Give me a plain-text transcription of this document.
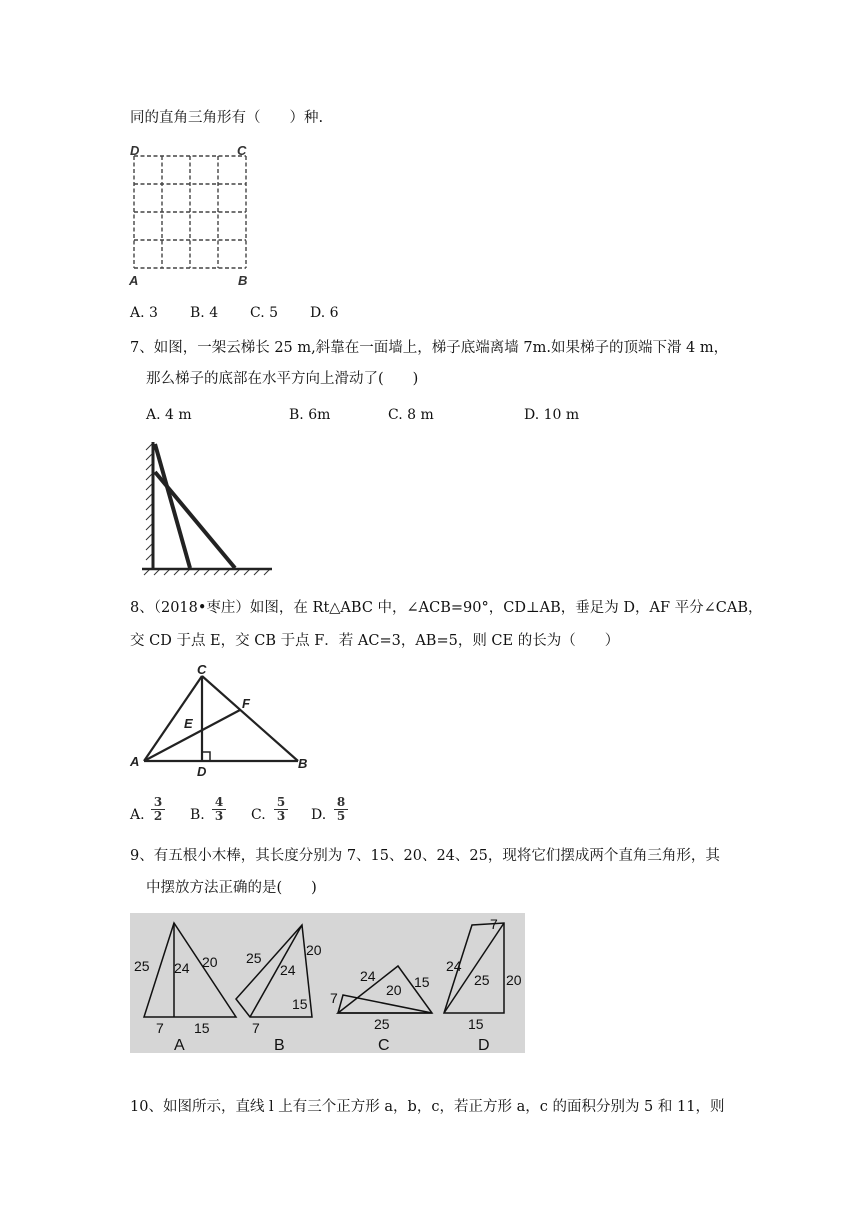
同的直角三角形有（　　）种.
D	C
A	B
A. 3 B. 4 C. 5 D. 6
7、如图，一架云梯长 25 m,斜靠在一面墙上，梯子底端离墙 7m.如果梯子的顶端下滑 4 m，
那么梯子的底部在水平方向上滑动了(　　)
A. 4 m	B. 6m	C. 8 m	D. 10 m
8、（2018•枣庄）如图，在 Rt△ABC 中，∠ACB=90°，CD⊥AB，垂足为 D，AF 平分∠CAB，
交 CD 于点 E，交 CB 于点 F．若 AC=3，AB=5，则 CE 的长为（　　）
C
F
E
A
D
B
A. $\frac{3}{2} B$. $\frac{4}{3} C$. $\frac{5}{3} D$. $\frac{8}{5}$
9、有五根小木棒，其长度分别为 7、15、20、24、25，现将它们摆成两个直角三角形，其
中摆放方法正确的是(　　)
25 24 20
7 15
A
25
24
20
7
15
B
24	15
20
7
25
C
7
24
25 20
15
D
10、如图所示，直线 l 上有三个正方形 a，b，c，若正方形 a，c 的面积分别为 5 和 11，则
